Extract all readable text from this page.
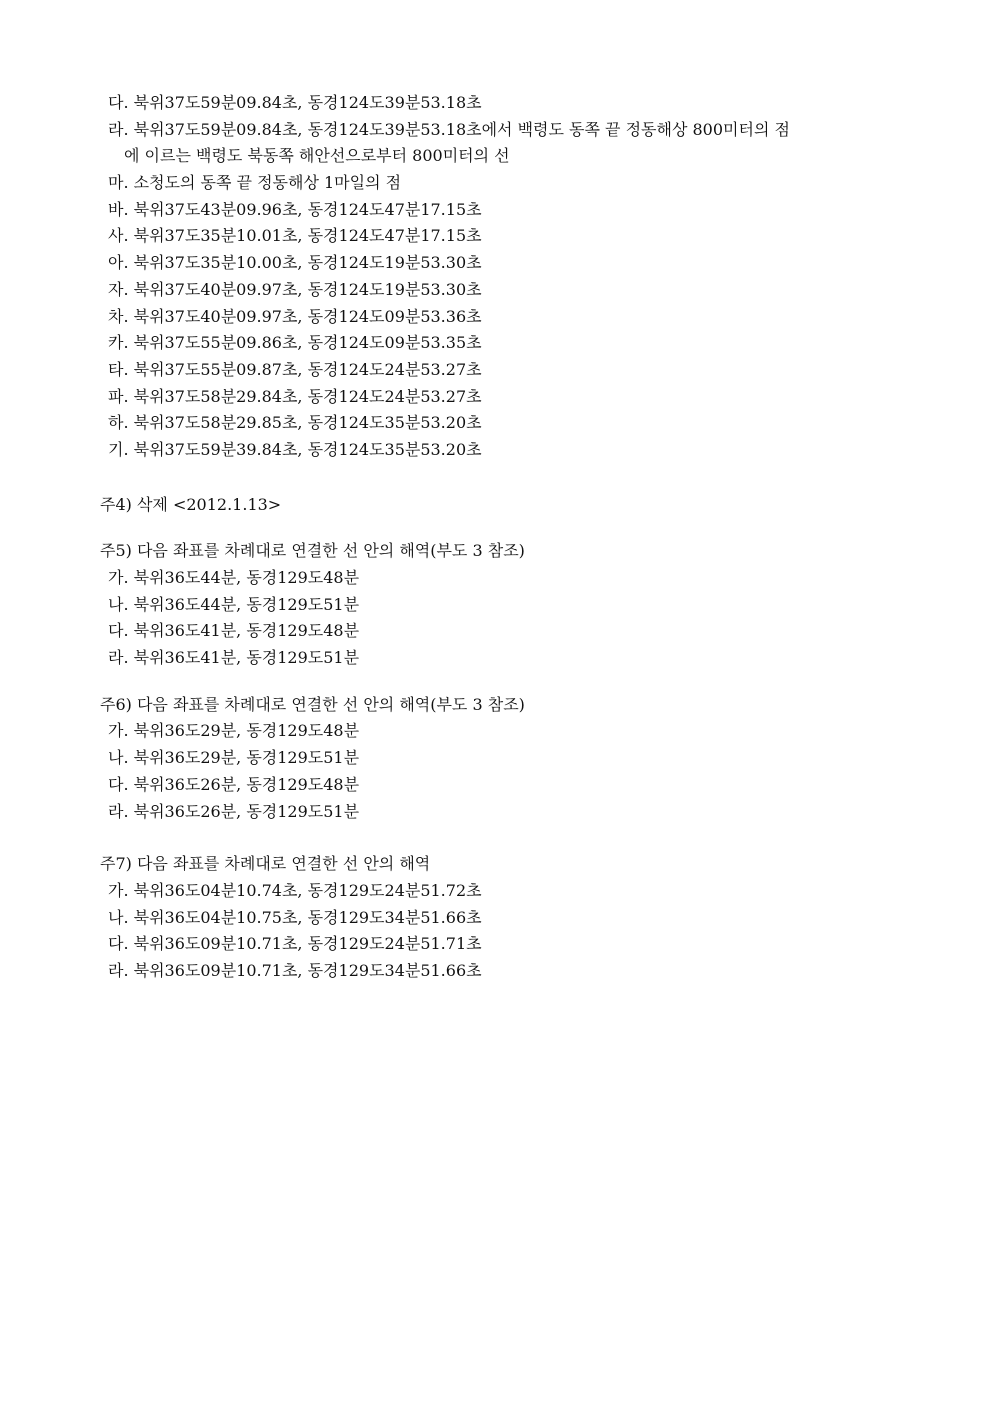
다. 북위37도59분09.84초, 동경124도39분53.18초
라. 북위37도59분09.84초, 동경124도39분53.18초에서 백령도 동쪽 끝 정동해상 800미터의 점
에 이르는 백령도 북동쪽 해안선으로부터 800미터의 선
마. 소청도의 동쪽 끝 정동해상 1마일의 점
바. 북위37도43분09.96초, 동경124도47분17.15초
사. 북위37도35분10.01초, 동경124도47분17.15초
아. 북위37도35분10.00초, 동경124도19분53.30초
자. 북위37도40분09.97초, 동경124도19분53.30초
차. 북위37도40분09.97초, 동경124도09분53.36초
카. 북위37도55분09.86초, 동경124도09분53.35초
타. 북위37도55분09.87초, 동경124도24분53.27초
파. 북위37도58분29.84초, 동경124도24분53.27초
하. 북위37도58분29.85초, 동경124도35분53.20초
기. 북위37도59분39.84초, 동경124도35분53.20초
주4) 삭제 <2012.1.13>
주5) 다음 좌표를 차례대로 연결한 선 안의 해역(부도 3 참조)
가. 북위36도44분, 동경129도48분
나. 북위36도44분, 동경129도51분
다. 북위36도41분, 동경129도48분
라. 북위36도41분, 동경129도51분
주6) 다음 좌표를 차례대로 연결한 선 안의 해역(부도 3 참조)
가. 북위36도29분, 동경129도48분
나. 북위36도29분, 동경129도51분
다. 북위36도26분, 동경129도48분
라. 북위36도26분, 동경129도51분
주7) 다음 좌표를 차례대로 연결한 선 안의 해역
가. 북위36도04분10.74초, 동경129도24분51.72초
나. 북위36도04분10.75초, 동경129도34분51.66초
다. 북위36도09분10.71초, 동경129도24분51.71초
라. 북위36도09분10.71초, 동경129도34분51.66초
